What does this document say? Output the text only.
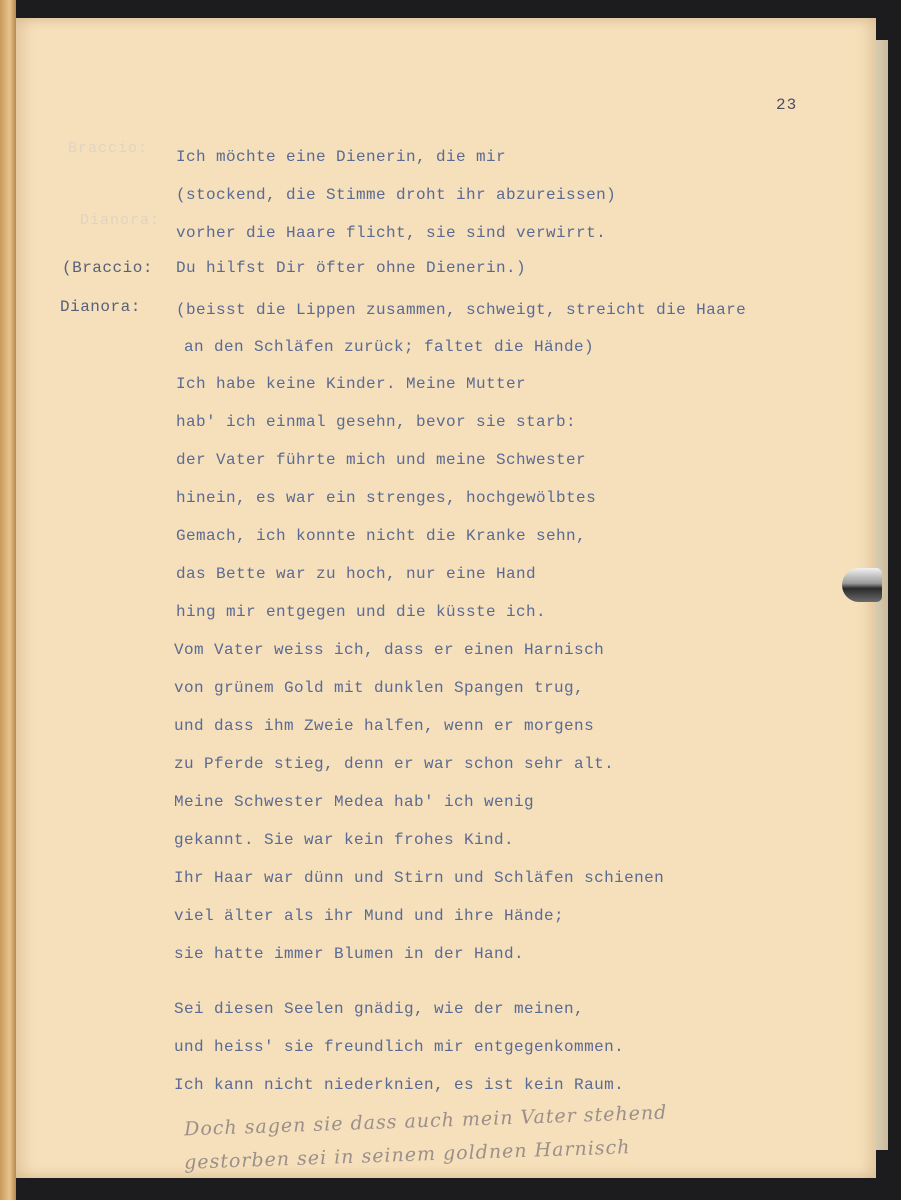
Braccio:
Dianora:
23
(Braccio:
Dianora:
Ich möchte eine Dienerin, die mir
(stockend, die Stimme droht ihr abzureissen)
vorher die Haare flicht, sie sind verwirrt.
Du hilfst Dir öfter ohne Dienerin.)
(beisst die Lippen zusammen, schweigt, streicht die Haare
an den Schläfen zurück; faltet die Hände)
Ich habe keine Kinder. Meine Mutter
hab' ich einmal gesehn, bevor sie starb:
der Vater führte mich und meine Schwester
hinein, es war ein strenges, hochgewölbtes
Gemach, ich konnte nicht die Kranke sehn,
das Bette war zu hoch, nur eine Hand
hing mir entgegen und die küsste ich.
Vom Vater weiss ich, dass er einen Harnisch
von grünem Gold mit dunklen Spangen trug,
und dass ihm Zweie halfen, wenn er morgens
zu Pferde stieg, denn er war schon sehr alt.
Meine Schwester Medea hab' ich wenig
gekannt. Sie war kein frohes Kind.
Ihr Haar war dünn und Stirn und Schläfen schienen
viel älter als ihr Mund und ihre Hände;
sie hatte immer Blumen in der Hand.
Sei diesen Seelen gnädig, wie der meinen,
und heiss' sie freundlich mir entgegenkommen.
Ich kann nicht niederknien, es ist kein Raum.
Doch sagen sie dass auch mein Vater stehend
gestorben sei in seinem goldnen Harnisch
